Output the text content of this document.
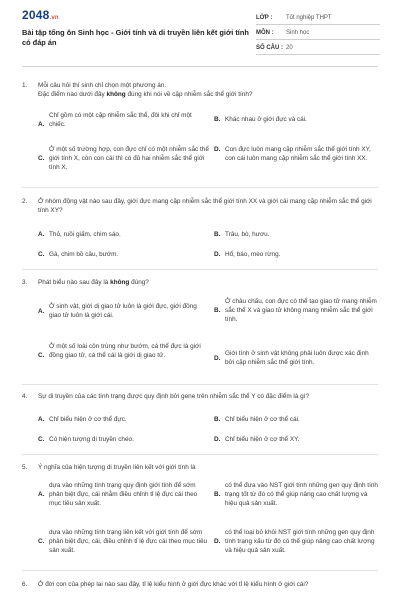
2048.vn
Bài tập tổng ôn Sinh học - Giới tính và di truyền liên kết giới tính có đáp án
LỚP :	Tốt nghiệp THPT
MÔN :	Sinh học
SỐ CÂU : 20
1.	Mỗi câu hỏi thí sinh chỉ chọn một phương án.
Đặc điểm nào dưới đây không đúng khi nói về cặp nhiễm sắc thể giới tính?
A.
Chỉ gồm có một cặp nhiễm sắc thể, đôi khi chỉ một chiếc.
B. Khác nhau ở giới đực và cái.
C.
Ở một số trường hợp, con đực chỉ có một nhiễm sắc thể giới tính X, còn con cái thì có đủ hai nhiễm sắc thể giới tính X.
D. Con đực luôn mang cặp nhiễm sắc thể giới tính XY, con cái luôn mang cặp nhiễm sắc thể giới tính XX.
2.	Ở nhóm động vật nào sau đây, giới đực mang cặp nhiễm sắc thể giới tính XX và giới cái mang cặp nhiễm sắc thể giới tính XY?
A. Thỏ, ruồi giấm, chim sáo.	B. Trâu, bò, hươu.
C. Gà, chim bồ câu, bướm.	D. Hổ, báo, mèo rừng.
3.	Phát biểu nào sau đây là không đúng?
A.
Ở sinh vật, giới dị giao tử luôn là giới đực, giới đồng giao tử luôn là giới cái.
B.
Ở châu chấu, con đực có thể tạo giao tử mang nhiễm sắc thể X và giao tử không mang nhiễm sắc thể giới tính.
C.
Ở một số loài côn trùng như bướm, cá thể đực là giới đồng giao tử, cá thể cái là giới dị giao tử.	D.
Giới tính ở sinh vật không phải luôn được xác định bởi cặp nhiễm sắc thể giới tính.
4.	Sự di truyền của các tính trạng được quy định bởi gene trên nhiễm sắc thể Y có đặc điểm là gì?
A. Chỉ biểu hiện ở cơ thể đực.	B. Chỉ biểu hiện ở cơ thể cái.
C. Có hiện tượng di truyền chéo.	D. Chỉ biểu hiện ở cơ thể XY.
5.	Ý nghĩa của hiện tượng di truyền liên kết với giới tính là
A.
dựa vào những tính trạng quy định giới tính để sớm phân biệt đực, cái nhằm điều chỉnh tỉ lệ đực cái theo mục tiêu sản xuất.
B.
có thể đưa vào NST giới tính những gen quy định tính trạng tốt từ đó có thể giúp nâng cao chất lượng và hiệu quả sản xuất.
C.
dựa vào những tính trạng liên kết với giới tính để sớm phân biệt đực, cái, điều chỉnh tỉ lệ đực cái theo mục tiêu sản xuất.
D.
có thể loại bỏ khỏi NST giới tính những gen quy định tính trạng xấu từ đó có thể giúp nâng cao chất lượng và hiệu quả sản xuất.
6.	Ở đời con của phép lai nào sau đây, tỉ lệ kiểu hình ở giới đực khác với tỉ lệ kiểu hình ở giới cái?
